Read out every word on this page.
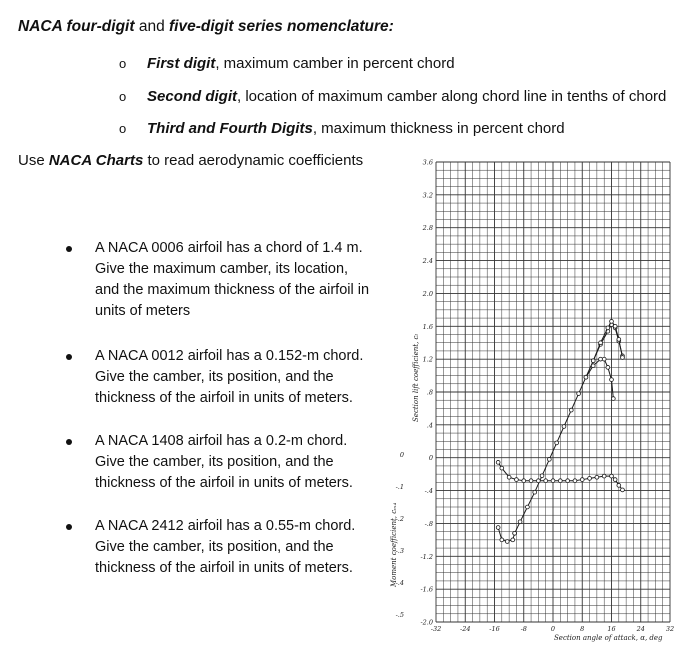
NACA four-digit and five-digit series nomenclature:
o First digit, maximum camber in percent chord
o Second digit, location of maximum camber along chord line in tenths of chord
o Third and Fourth Digits, maximum thickness in percent chord
Use NACA Charts to read aerodynamic coefficients
A NACA 0006 airfoil has a chord of 1.4 m. Give the maximum camber, its location, and the maximum thickness of the airfoil in units of meters
A NACA 0012 airfoil has a 0.152-m chord. Give the camber, its position, and the thickness of the airfoil in units of meters.
A NACA 1408 airfoil has a 0.2-m chord. Give the camber, its position, and the thickness of the airfoil in units of meters.
A NACA 2412 airfoil has a 0.55-m chord. Give the camber, its position, and the thickness of the airfoil in units of meters.
3.6
3.2
2.8
2.4
2.0
1.6
1.2
.8
.4
0
-.4
-.8
-1.2
-1.6
-2.0
-32	-24	-16	-8	0	8	16	24	32
0
-.1
-.2
-.3
-.4
-.5
Section angle of attack, α, deg
Section lift coefficient, cₗ
Moment coefficient, cₘ₄
